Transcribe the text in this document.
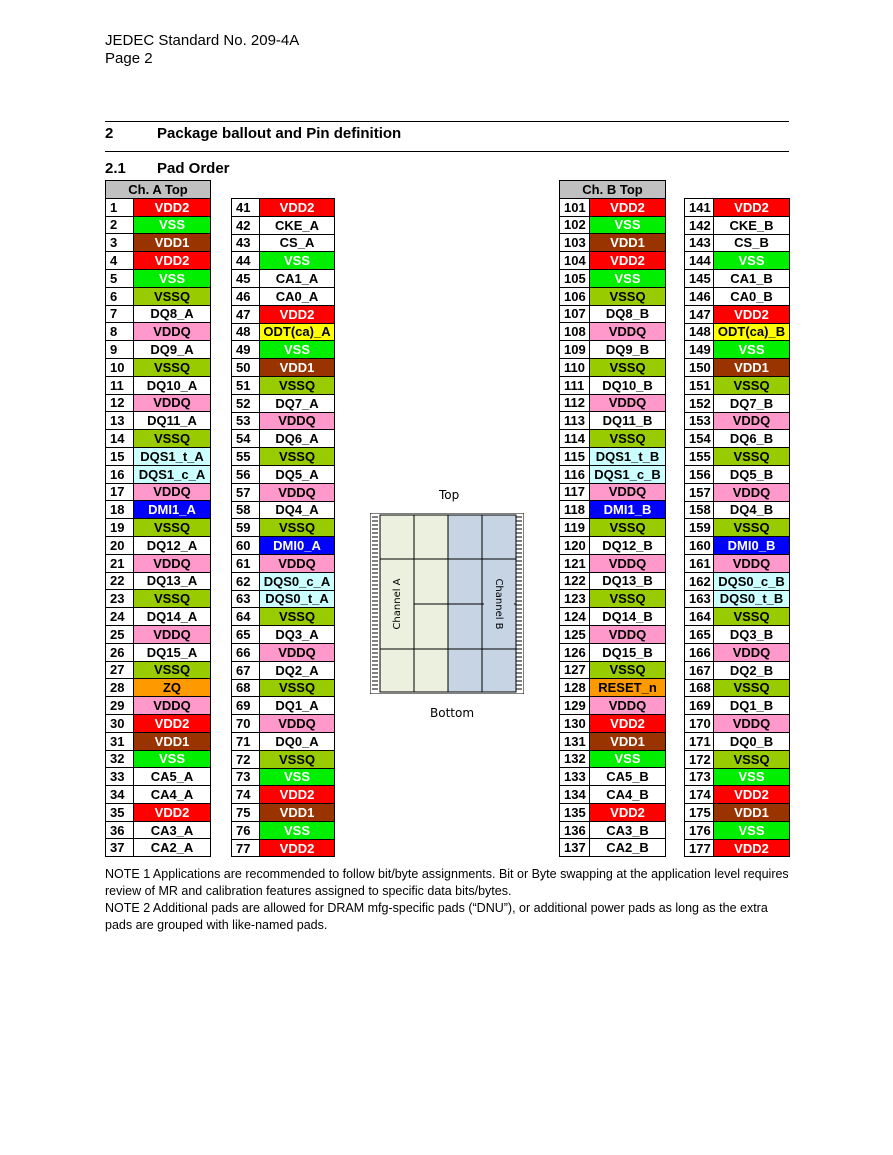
JEDEC Standard No. 209-4A
Page 2
2	Package ballout and Pin definition
2.1 Pad Order
Ch. A Top	
1	VDD2
2	VSS
3	VDD1
4	VDD2
5	VSS
6	VSSQ
7	DQ8_A
8	VDDQ
9	DQ9_A
10	VSSQ
11	DQ10_A
12	VDDQ
13	DQ11_A
14	VSSQ
15	DQS1_t_A
16	DQS1_c_A
17	VDDQ
18	DMI1_A
19	VSSQ
20	DQ12_A
21	VDDQ
22	DQ13_A
23	VSSQ
24	DQ14_A
25	VDDQ
26	DQ15_A
27	VSSQ
28	ZQ
29	VDDQ
30	VDD2
31	VDD1
32	VSS
33	CA5_A
34	CA4_A
35	VDD2
36	CA3_A
37	CA2_A
41	VDD2
42	CKE_A
43	CS_A
44	VSS
45	CA1_A
46	CA0_A
47	VDD2
48	ODT(ca)_A
49	VSS
50	VDD1
51	VSSQ
52	DQ7_A
53	VDDQ
54	DQ6_A
55	VSSQ
56	DQ5_A
57	VDDQ
58	DQ4_A
59	VSSQ
60	DMI0_A
61	VDDQ
62	DQS0_c_A
63	DQS0_t_A
64	VSSQ
65	DQ3_A
66	VDDQ
67	DQ2_A
68	VSSQ
69	DQ1_A
70	VDDQ
71	DQ0_A
72	VSSQ
73	VSS
74	VDD2
75	VDD1
76	VSS
77	VDD2
Ch. B Top	
101	VDD2
102	VSS
103	VDD1
104	VDD2
105	VSS
106	VSSQ
107	DQ8_B
108	VDDQ
109	DQ9_B
110	VSSQ
111	DQ10_B
112	VDDQ
113	DQ11_B
114	VSSQ
115	DQS1_t_B
116	DQS1_c_B
117	VDDQ
118	DMI1_B
119	VSSQ
120	DQ12_B
121	VDDQ
122	DQ13_B
123	VSSQ
124	DQ14_B
125	VDDQ
126	DQ15_B
127	VSSQ
128	RESET_n
129	VDDQ
130	VDD2
131	VDD1
132	VSS
133	CA5_B
134	CA4_B
135	VDD2
136	CA3_B
137	CA2_B
141	VDD2
142	CKE_B
143	CS_B
144	VSS
145	CA1_B
146	CA0_B
147	VDD2
148	ODT(ca)_B
149	VSS
150	VDD1
151	VSSQ
152	DQ7_B
153	VDDQ
154	DQ6_B
155	VSSQ
156	DQ5_B
157	VDDQ
158	DQ4_B
159	VSSQ
160	DMI0_B
161	VDDQ
162	DQS0_c_B
163	DQS0_t_B
164	VSSQ
165	DQ3_B
166	VDDQ
167	DQ2_B
168	VSSQ
169	DQ1_B
170	VDDQ
171	DQ0_B
172	VSSQ
173	VSS
174	VDD2
175	VDD1
176	VSS
177	VDD2
Top
Channel A	Channel B
Bottom

NOTE 1 Applications are recommended to follow bit/byte assignments. Bit or Byte swapping at the application level requires review of MR and calibration features assigned to specific data bits/bytes.

NOTE 2 Additional pads are allowed for DRAM mfg-specific pads (“DNU”), or additional power pads as long as the extra pads are grouped with like-named pads.
